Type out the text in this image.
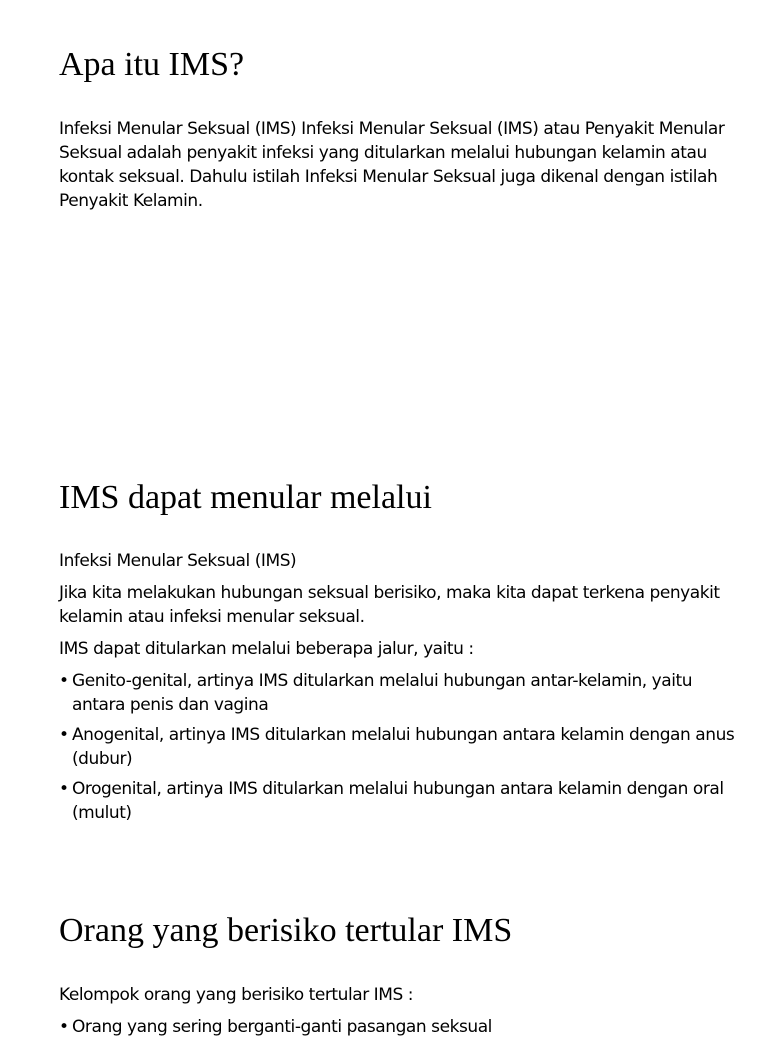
Apa itu IMS?

Infeksi Menular Seksual (IMS) Infeksi Menular Seksual (IMS) atau Penyakit Menular Seksual adalah penyakit infeksi yang ditularkan melalui hubungan kelamin atau kontak seksual. Dahulu istilah Infeksi Menular Seksual juga dikenal dengan istilah Penyakit Kelamin.

IMS dapat menular melalui

Infeksi Menular Seksual (IMS)

Jika kita melakukan hubungan seksual berisiko, maka kita dapat terkena penyakit kelamin atau infeksi menular seksual.

IMS dapat ditularkan melalui beberapa jalur, yaitu :

• Genito-genital, artinya IMS ditularkan melalui hubungan antar-kelamin, yaitu antara penis dan vagina
• Anogenital, artinya IMS ditularkan melalui hubungan antara kelamin dengan anus (dubur)
• Orogenital, artinya IMS ditularkan melalui hubungan antara kelamin dengan oral (mulut)
Orang yang berisiko tertular IMS

Kelompok orang yang berisiko tertular IMS :

• Orang yang sering berganti-ganti pasangan seksual
